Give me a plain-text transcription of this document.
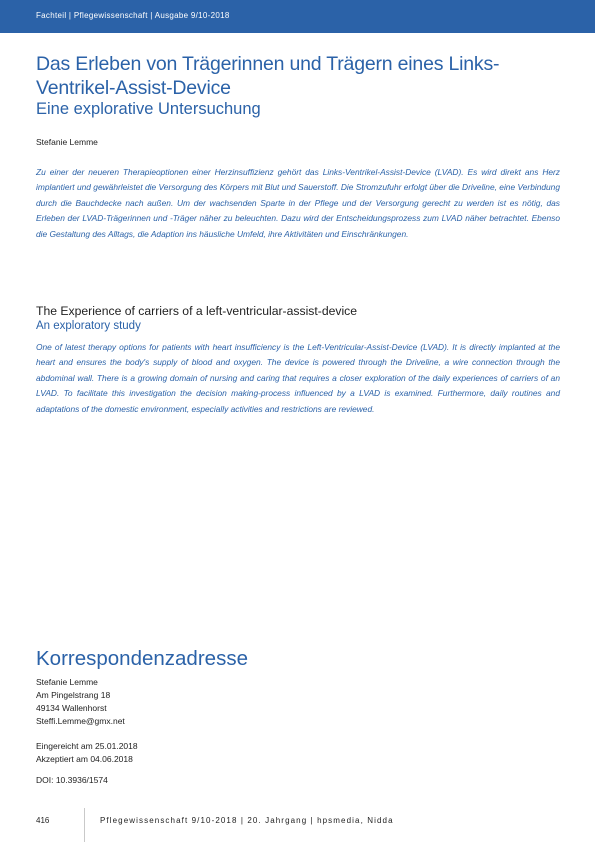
Fachteil | Pflegewissenschaft | Ausgabe 9/10-2018
Das Erleben von Trägerinnen und Trägern eines Links-Ventrikel-Assist-Device
Eine explorative Untersuchung
Stefanie Lemme

Zu einer der neueren Therapieoptionen einer Herzinsuffizienz gehört das Links-Ventrikel-Assist-Device (LVAD). Es wird direkt ans Herz implantiert und gewährleistet die Versorgung des Körpers mit Blut und Sauerstoff. Die Stromzufuhr erfolgt über die Driveline, eine Verbindung durch die Bauchdecke nach außen. Um der wachsenden Sparte in der Pflege und der Versorgung gerecht zu werden ist es nötig, das Erleben der LVAD-Trägerinnen und -Träger näher zu beleuchten. Dazu wird der Entscheidungsprozess zum LVAD näher betrachtet. Ebenso die Gestaltung des Alltags, die Adaption ins häusliche Umfeld, ihre Aktivitäten und Einschränkungen.

The Experience of carriers of a left-ventricular-assist-device
An exploratory study

One of latest therapy options for patients with heart insufficiency is the Left-Ventricular-Assist-Device (LVAD). It is directly implanted at the heart and ensures the body's supply of blood and oxygen. The device is powered through the Driveline, a wire connection through the abdominal wall. There is a growing domain of nursing and caring that requires a closer exploration of the daily experiences of carriers of an LVAD. To facilitate this investigation the decision making-process influenced by a LVAD is examined. Furthermore, daily routines and adaptations of the domestic environment, especially activities and restrictions are reviewed.

Korrespondenzadresse
Stefanie Lemme
Am Pingelstrang 18
49134 Wallenhorst
Steffi.Lemme@gmx.net
Eingereicht am 25.01.2018
Akzeptiert am 04.06.2018
DOI: 10.3936/1574
416	Pflegewissenschaft 9/10-2018 | 20. Jahrgang | hpsmedia, Nidda
